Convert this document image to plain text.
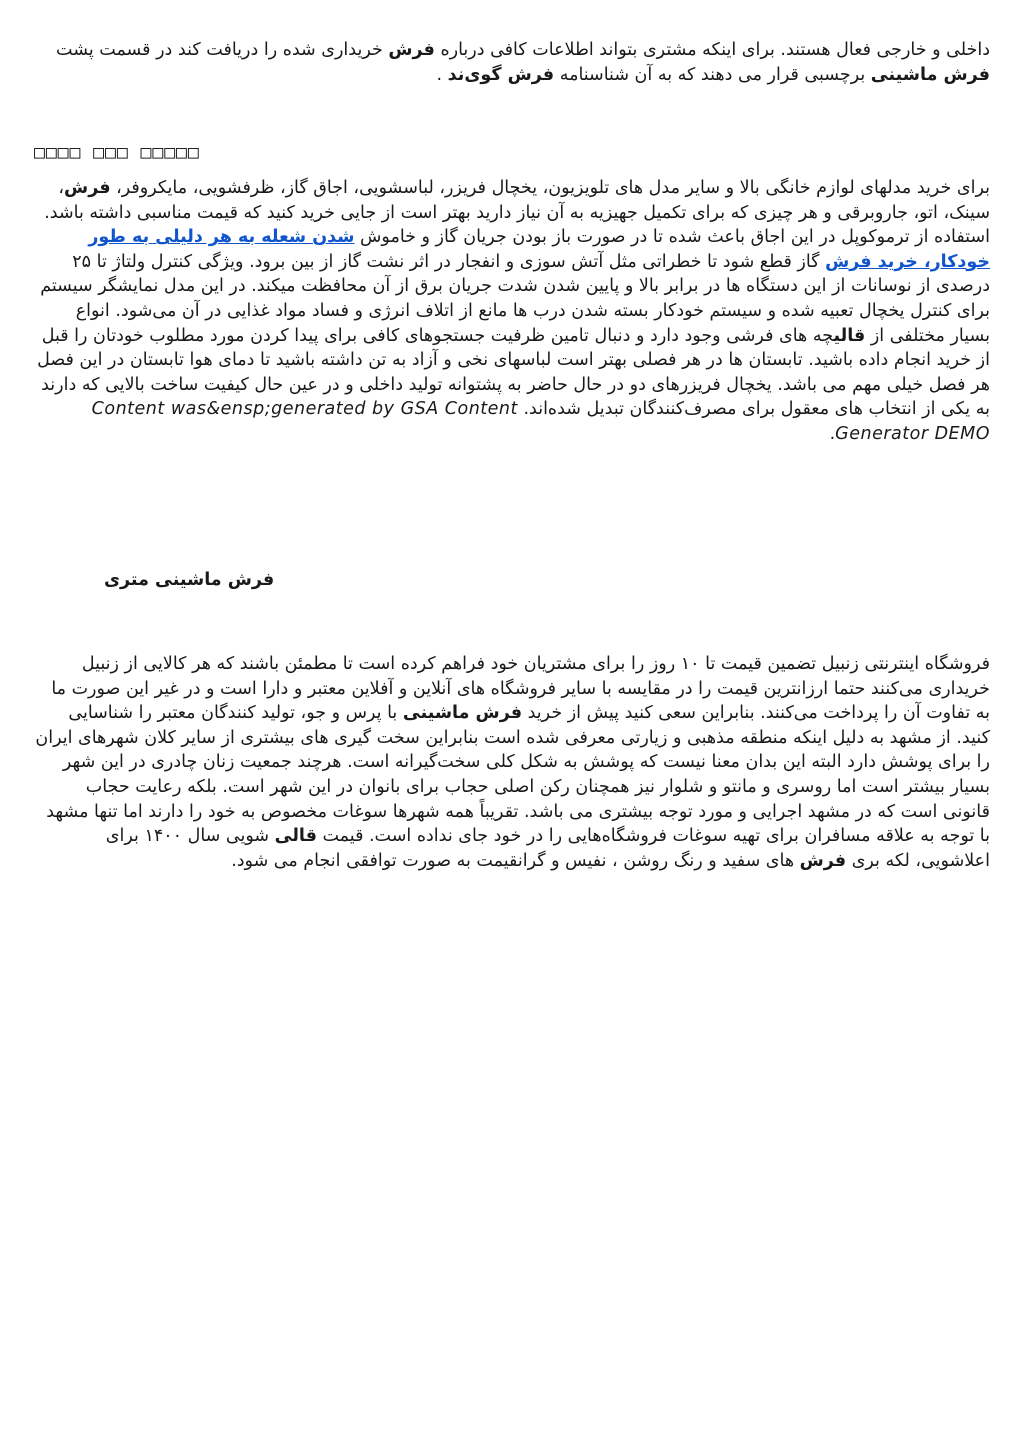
داخلی و خارجی فعال هستند. برای اینکه مشتری بتواند اطلاعات کافی درباره فرش خریداری شده را دریافت کند در قسمت پشت فرش ماشینی برچسبی قرار می دهند که به آن شناسنامه فرش گوی‌ند .

□□□□ □□□ □□□□□

برای خرید مدلهای لوازم خانگی بالا و سایر مدل های تلویزیون، یخچال فریزر، لباسشویی، اجاق گاز، ظرفشویی، مایکروفر، فرش، سینک، اتو، جاروبرقی و هر چیزی که برای تکمیل جهیزیه به آن نیاز دارید بهتر است از جایی خرید کنید که قیمت مناسبی داشته باشد. استفاده از ترموکوپل در این اجاق باعث شده تا در صورت باز بودن جریان گاز و خاموش شدن شعله به هر دلیلی به طور خودکار، خرید فرش گاز قطع شود تا خطراتی مثل آتش سوزی و انفجار در اثر نشت گاز از بین برود. ویژگی کنترل ولتاژ تا ۲۵ درصدی از نوسانات از این دستگاه ها در برابر بالا و پایین شدن شدت جریان برق از آن محافظت میکند. در این مدل نمایشگر سیستم برای کنترل یخچال تعبیه شده و سیستم خودکار بسته شدن درب ها مانع از اتلاف انرژی و فساد مواد غذایی در آن می‌شود. انواع بسیار مختلفی از قالیچه های فرشی وجود دارد و دنبال تامین ظرفیت جستجوهای کافی برای پیدا کردن مورد مطلوب خودتان را قبل از خرید انجام داده باشید. تابستان ها در هر فصلی بهتر است لباسهای نخی و آزاد به تن داشته باشید تا دمای هوا تابستان در این فصل هر فصل خیلی مهم می باشد. یخچال فریزرهای دو در حال حاضر به پشتوانه تولید داخلی و در عین حال کیفیت ساخت بالایی که دارند به یکی از انتخاب های معقول برای مصرف‌کنندگان تبدیل شده‌اند. Content was&ensp;generated by GSA Content Generator DEMO.

فرش ماشینی متری

فروشگاه اینترنتی زنبیل تضمین قیمت تا ۱۰ روز را برای مشتریان خود فراهم کرده است تا مطمئن باشند که هر کالایی از زنبیل خریداری می‌کنند حتما ارزانترین قیمت را در مقایسه با سایر فروشگاه های آنلاین و آفلاین معتبر و دارا است و در غیر این صورت ما به تفاوت آن را پرداخت می‌کنند. بنابراین سعی کنید پیش از خرید فرش ماشینی با پرس و جو، تولید کنندگان معتبر را شناسایی کنید. از مشهد به دلیل اینکه منطقه مذهبی و زیارتی معرفی شده است بنابراین سخت گیری های بیشتری از سایر کلان شهرهای ایران را برای پوشش دارد البته این بدان معنا نیست که پوشش به شکل کلی سخت‌گیرانه است. هرچند جمعیت زنان چادری در این شهر بسیار بیشتر است اما روسری و مانتو و شلوار نیز همچنان رکن اصلی حجاب برای بانوان در این شهر است. بلکه رعایت حجاب قانونی است که در مشهد اجرایی و مورد توجه بیشتری می باشد. تقریباً همه شهرها سوغات مخصوص به خود را دارند اما تنها مشهد با توجه به علاقه مسافران برای تهیه سوغات فروشگاه‌هایی را در خود جای نداده است. قیمت قالی شویی سال ۱۴۰۰ برای اعلاشویی، لکه بری فرش های سفید و رنگ روشن ، نفیس و گرانقیمت به صورت توافقی انجام می شود.
